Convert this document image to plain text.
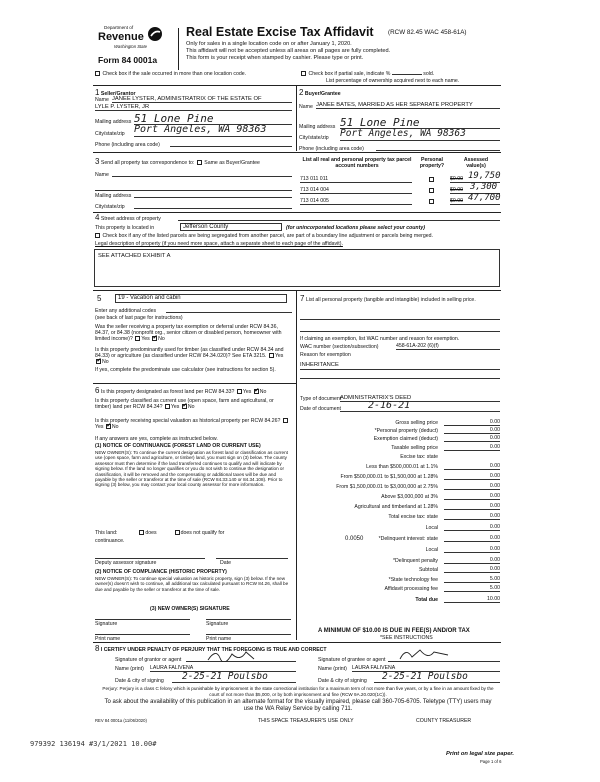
Department of
Revenue
Washington State
Form 84 0001a
Real Estate Excise Tax Affidavit (RCW 82.45 WAC 458-61A)
Only for sales in a single location code on or after January 1, 2020.
This affidavit will not be accepted unless all areas on all pages are fully completed.
This form is your receipt when stamped by cashier. Please type or print.
Check box if the sale occurred in more than one location code.	Check box if partial sale, indicate %	sold.
List percentage of ownership acquired next to each name.
1 Seller/Grantor
Name JANEE LYSTER, ADMINISTRATRIX OF THE ESTATE OF
LYLE P. LYSTER, JR
Mailing address 51 Lone Pine
City/state/zip Port Angeles, WA 98363
Phone (including area code)
2 Buyer/Grantee
Name JANEE BATES, MARRIED AS HER SEPARATE PROPERTY
Mailing address 51 Lone Pine
City/state/zip Port Angeles, WA 98363
Phone (including area code)
3 Send all property tax correspondence to: Same as Buyer/Grantee
Name
Mailing address
City/state/zip
List all real and personal property tax parcel account numbers
Personal property?
Assessed value(s)
713 011 011	$0.00 19,750
713 014 004	$0.00 3,300
713 014 005	$0.00 47,700
4 Street address of property
This property is located in	Jefferson County	(for unincorporated locations please select your county)
Check box if any of the listed parcels are being segregated from another parcel, are part of a boundary line adjustment or parcels being merged.
Legal description of property (if you need more space, attach a separate sheet to each page of the affidavit).
SEE ATTACHED EXHIBIT A
5	19 - Vacation and cabin
Enter any additional codes
(see back of last page for instructions)
Was the seller receiving a property tax exemption or deferral under RCW 84.36, 84.37, or 84.38 (nonprofit org., senior citizen or disabled person, homeowner with limited income)? Yes ✔ No
Is this property predominantly used for timber (as classified under RCW 84.34 and 84.33) or agriculture (as classified under RCW 84.34.020)? See ETA 3215. Yes ✔No
If yes, complete the predominate use calculator (see instructions for section 5).
6 Is this property designated as forest land per RCW 84.33? Yes ✔ No
Is this property classified as current use (open space, farm and agricultural, or timber) land per RCW 84.34? Yes ✔ No
Is this property receiving special valuation as historical property per RCW 84.26? Yes ✔ No
If any answers are yes, complete as instructed below.
(1) NOTICE OF CONTINUANCE (FOREST LAND OR CURRENT USE)
NEW OWNER(S): To continue the current designation as forest land or classification as current use (open space, farm and agriculture, or timber) land, you must sign on (3) below. The county assessor must then determine if the land transferred continues to qualify and will indicate by signing below. If the land no longer qualifies or you do not wish to continue the designation or classification, it will be removed and the compensating or additional taxes will be due and payable by the seller or transferor at the time of sale (RCW 84.33.140 or 84.34.108). Prior to signing (3) below, you may contact your local county assessor for more information.
This land:	does	does not qualify for
continuance.
Deputy assessor signature	Date
(2) NOTICE OF COMPLIANCE (HISTORIC PROPERTY)
NEW OWNER(S): To continue special valuation as historic property, sign (3) below. If the new owner(s) doesn't wish to continue, all additional tax calculated pursuant to RCW 84.26, shall be due and payable by the seller or transferor at the time of sale.
(3) NEW OWNER(S) SIGNATURE
Signature	Signature
Print name	Print name
7 List all personal property (tangible and intangible) included in selling price.
If claiming an exemption, list WAC number and reason for exemption.
WAC number (section/subsection)	458-61A-202 (6)(f)
Reason for exemption
INHERITANCE
Type of document
ADMINISTRATRIX'S DEED
Date of document	2-16-21
Gross selling price	0.00
*Personal property (deduct)	0.00
Exemption claimed (deduct)	0.00
Taxable selling price	0.00
Excise tax: state
Less than $500,000.01 at 1.1%	0.00
From $500,000.01 to $1,500,000 at 1.28%	0.00
From $1,500,000.01 to $3,000,000 at 2.75%	0.00
Above $3,000,000 at 3%	0.00
Agricultural and timberland at 1.28%	0.00
Total excise tax: state	0.00
Local	0.00
*Delinquent interest: state	0.00
Local	0.00
*Delinquent penalty	0.00
Subtotal	0.00
*State technology fee	5.00
Affidavit processing fee	5.00
Total due	10.00
0.0050
A MINIMUM OF $10.00 IS DUE IN FEE(S) AND/OR TAX
*SEE INSTRUCTIONS
8 I CERTIFY UNDER PENALTY OF PERJURY THAT THE FOREGOING IS TRUE AND CORRECT
Signature of grantor or agent	Signature of grantee or agent
Name (print) LAURA FALIVENA	Name (print) LAURA FALIVENA
Date & city of signing	2-25-21 Poulsbo	Date & city of signing	2-25-21 Poulsbo
Perjury: Perjury is a class C felony which is punishable by imprisonment in the state correctional institution for a maximum term of not more than five years, or by a fine in an amount fixed by the court of not more than $5,000, or by both imprisonment and fine (RCW 9A.20.020(1C)).
To ask about the availability of this publication in an alternate format for the visually impaired, please call 360-705-6705. Teletype (TTY) users may use the WA Relay Service by calling 711.
REV 84 0001a (11/06/2020)	THIS SPACE TREASURER'S USE ONLY	COUNTY TREASURER
979392 136194 #3/1/2021 10.00#
Print on legal size paper.
Page 1 of 6
